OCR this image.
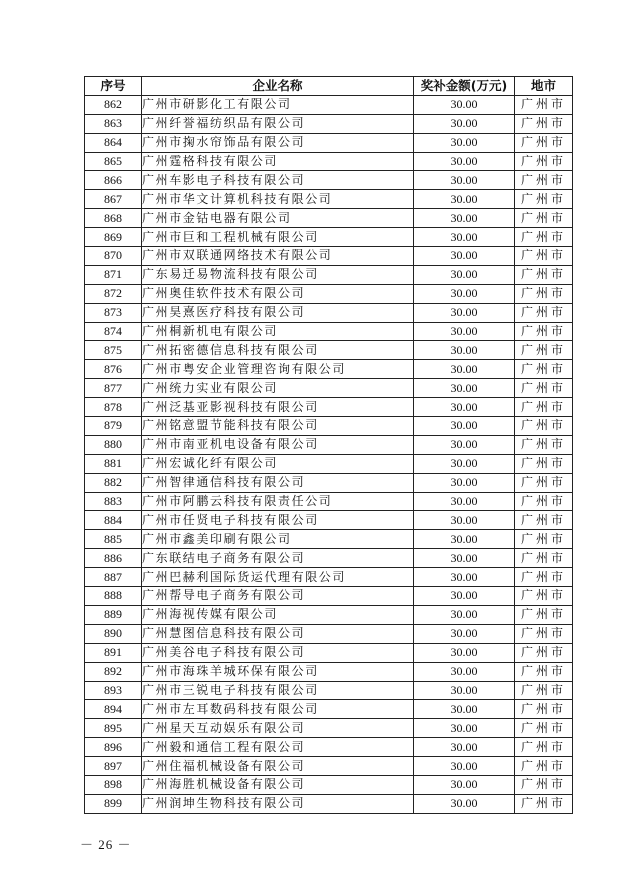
序号	企业名称	奖补金额(万元)	地市
862	广州市研影化工有限公司	30.00	广州市
863	广州纤誉福纺织品有限公司	30.00	广州市
864	广州市掬水帘饰品有限公司	30.00	广州市
865	广州霆格科技有限公司	30.00	广州市
866	广州车影电子科技有限公司	30.00	广州市
867	广州市华文计算机科技有限公司	30.00	广州市
868	广州市金钴电器有限公司	30.00	广州市
869	广州市巨和工程机械有限公司	30.00	广州市
870	广州市双联通网络技术有限公司	30.00	广州市
871	广东易迁易物流科技有限公司	30.00	广州市
872	广州奥佳软件技术有限公司	30.00	广州市
873	广州昊熹医疗科技有限公司	30.00	广州市
874	广州桐新机电有限公司	30.00	广州市
875	广州拓密德信息科技有限公司	30.00	广州市
876	广州市粤安企业管理咨询有限公司	30.00	广州市
877	广州统力实业有限公司	30.00	广州市
878	广州泛基亚影视科技有限公司	30.00	广州市
879	广州铭意盟节能科技有限公司	30.00	广州市
880	广州市南亚机电设备有限公司	30.00	广州市
881	广州宏诚化纤有限公司	30.00	广州市
882	广州智律通信科技有限公司	30.00	广州市
883	广州市阿鹏云科技有限责任公司	30.00	广州市
884	广州市任贤电子科技有限公司	30.00	广州市
885	广州市鑫美印刷有限公司	30.00	广州市
886	广东联结电子商务有限公司	30.00	广州市
887	广州巴赫利国际货运代理有限公司	30.00	广州市
888	广州帮导电子商务有限公司	30.00	广州市
889	广州海视传媒有限公司	30.00	广州市
890	广州慧图信息科技有限公司	30.00	广州市
891	广州美谷电子科技有限公司	30.00	广州市
892	广州市海珠羊城环保有限公司	30.00	广州市
893	广州市三锐电子科技有限公司	30.00	广州市
894	广州市左耳数码科技有限公司	30.00	广州市
895	广州星天互动娱乐有限公司	30.00	广州市
896	广州毅和通信工程有限公司	30.00	广州市
897	广州住福机械设备有限公司	30.00	广州市
898	广州海胜机械设备有限公司	30.00	广州市
899	广州润坤生物科技有限公司	30.00	广州市
－ 26 －
